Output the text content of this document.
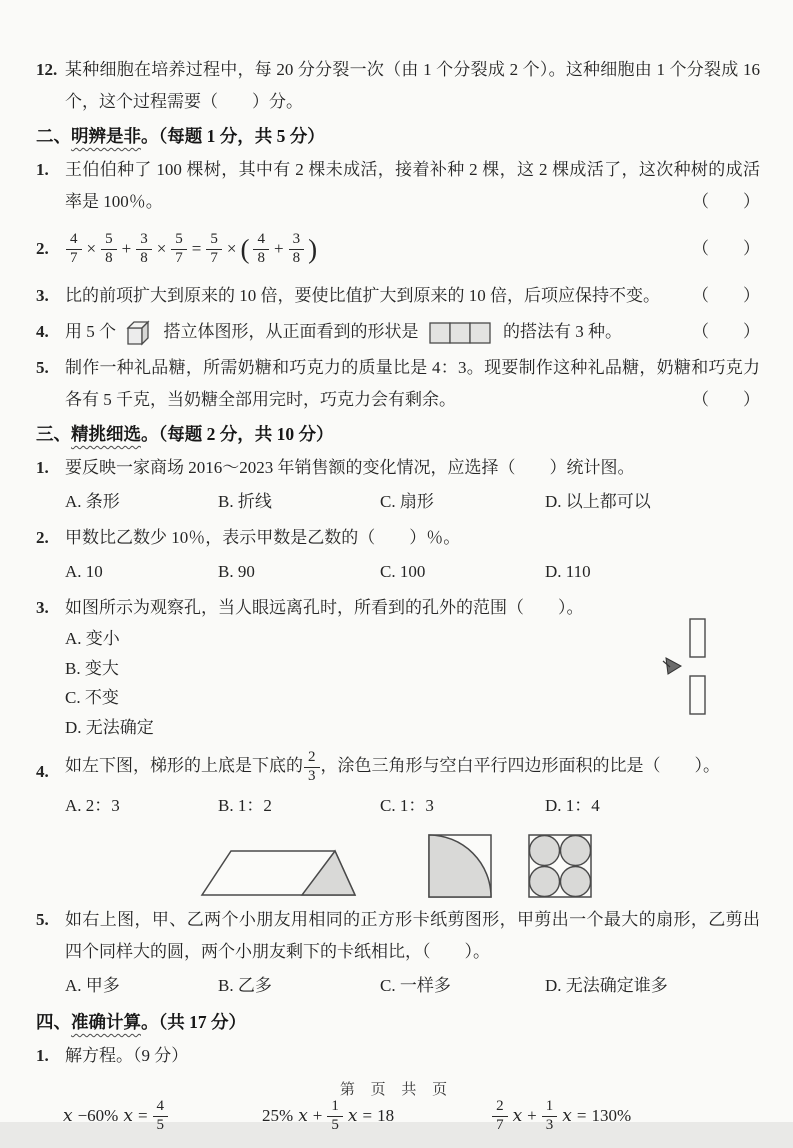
12. 某种细胞在培养过程中，每 20 分分裂一次（由 1 个分裂成 2 个）。这种细胞由 1 个分裂成 16 个，这个过程需要（　　）分。
二、明辨是非。（每题 1 分，共 5 分）
1. 王伯伯种了 100 棵树，其中有 2 棵未成活，接着补种 2 棵，这 2 棵成活了，这次种树的成活率是 100％。	（　　）
2. $\frac{4}{7} \times \frac{5}{8} + \frac{3}{8} \times \frac{5}{7} = \frac{5}{7}$ × ( $\frac{4}{8} + \frac{3}{8}$ )	（　　）
3. 比的前项扩大到原来的 10 倍，要使比值扩大到原来的 10 倍，后项应保持不变。 （　　）
4. 用 5 个	搭立体图形，从正面看到的形状是	的搭法有 3 种。	（　　）
5. 制作一种礼品糖，所需奶糖和巧克力的质量比是 4：3。现要制作这种礼品糖，奶糖和巧克力各有 5 千克，当奶糖全部用完时，巧克力会有剩余。	（　　）
三、精挑细选。（每题 2 分，共 10 分）
1. 要反映一家商场 2016～2023 年销售额的变化情况，应选择（　　）统计图。
A. 条形	B. 折线	C. 扇形	D. 以上都可以
2. 甲数比乙数少 10％，表示甲数是乙数的（　　）％。
A. 10	B. 90	C. 100	D. 110
3. 如图所示为观察孔，当人眼远离孔时，所看到的孔外的范围（　　）。
A. 变小
B. 变大
C. 不变
D. 无法确定
4. 如左下图，梯形的上底是下底的 $\frac{2}{3}$ ，涂色三角形与空白平行四边形面积的比是（　　）。
A. 2：3	B. 1：2	C. 1：3	D. 1：4
5. 如右上图，甲、乙两个小朋友用相同的正方形卡纸剪图形，甲剪出一个最大的扇形，乙剪出四个同样大的圆，两个小朋友剩下的卡纸相比，（　　）。
A. 甲多	B. 乙多	C. 一样多	D. 无法确定谁多
四、准确计算。（共 17 分）
1. 解方程。（9 分）
x −60% $x = \frac{4}{5}$	25% $x + \frac{1}{5}$ x = 18	$\frac{2}{7}$ $x + \frac{1}{3}$ x = 130%
第 页 共 页
